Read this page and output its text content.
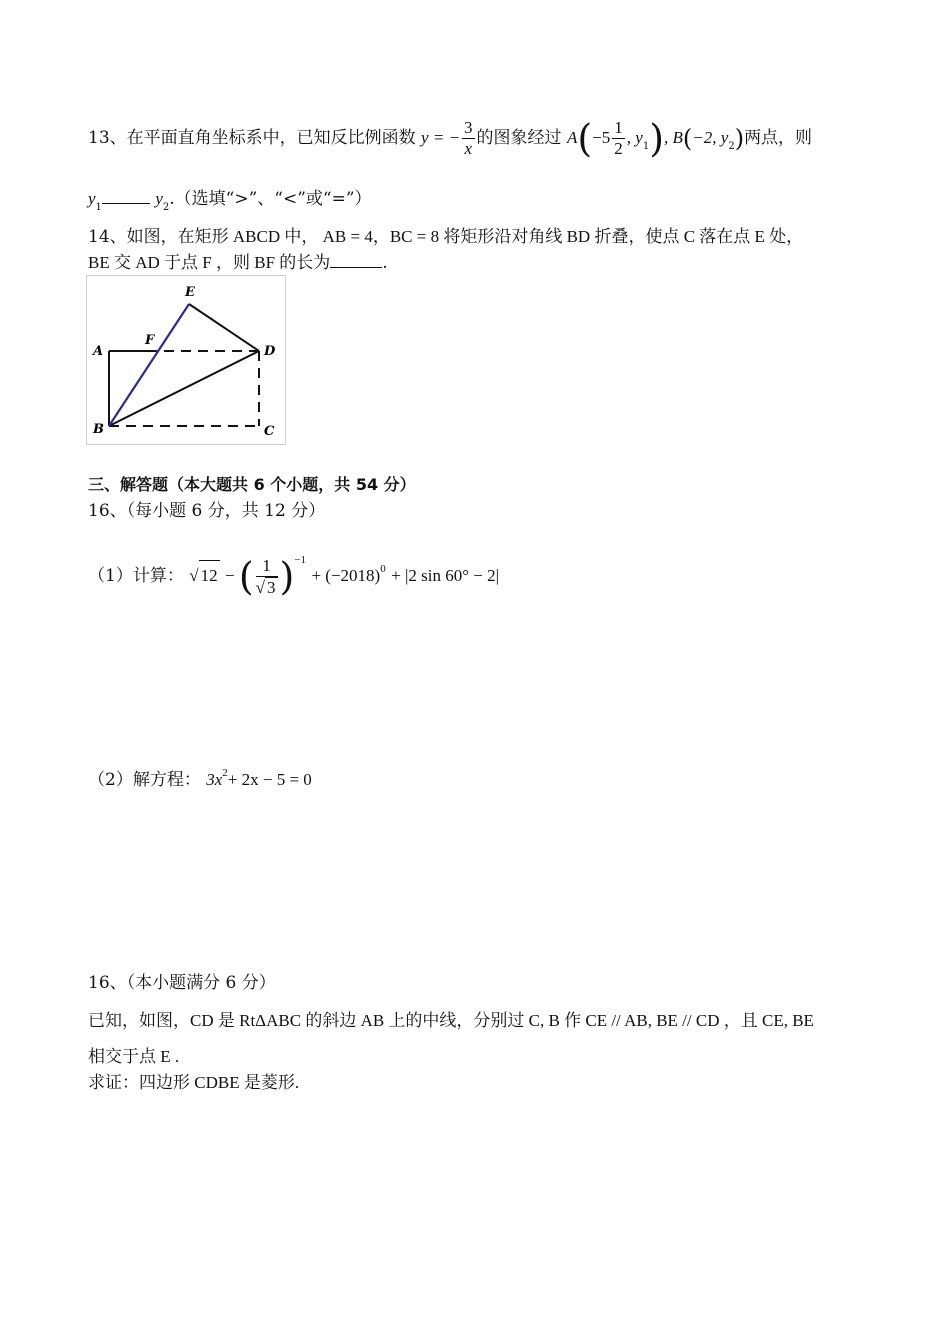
13、在平面直角坐标系中，已知反比例函数 y = − $\frac{3}{x}$ 的图象经过 $A(-5 \frac{1}{2}$ , $y_1$), B(−2, $y_2$)两点，则
$y_1$	$y_2$.（选填“>”、“<”或“=”）
14、如图，在矩形 ABCD 中， AB = 4，BC = 8 将矩形沿对角线 BD 折叠，使点 C 落在点 E 处，
BE 交 AD 于点 F ，则 BF 的长为	.
E
F
A	D
B	C
三、解答题（本大题共 6 个小题，共 54 分）
16、（每小题 6 分，共 12 分）
（1）计算： √ 12 − ( $\frac{1}{√ 3} )^{-1} + (-2018)^0 + |2$ sin 60° − 2|
（2）解方程： $3x^2+ 2x - 5 = 0$
16、（本小题满分 6 分）
已知，如图，CD 是 RtΔABC 的斜边 AB 上的中线，分别过 C, B 作 CE // AB, BE // CD ，且 CE, BE
相交于点 E .
求证：四边形 CDBE 是菱形.
